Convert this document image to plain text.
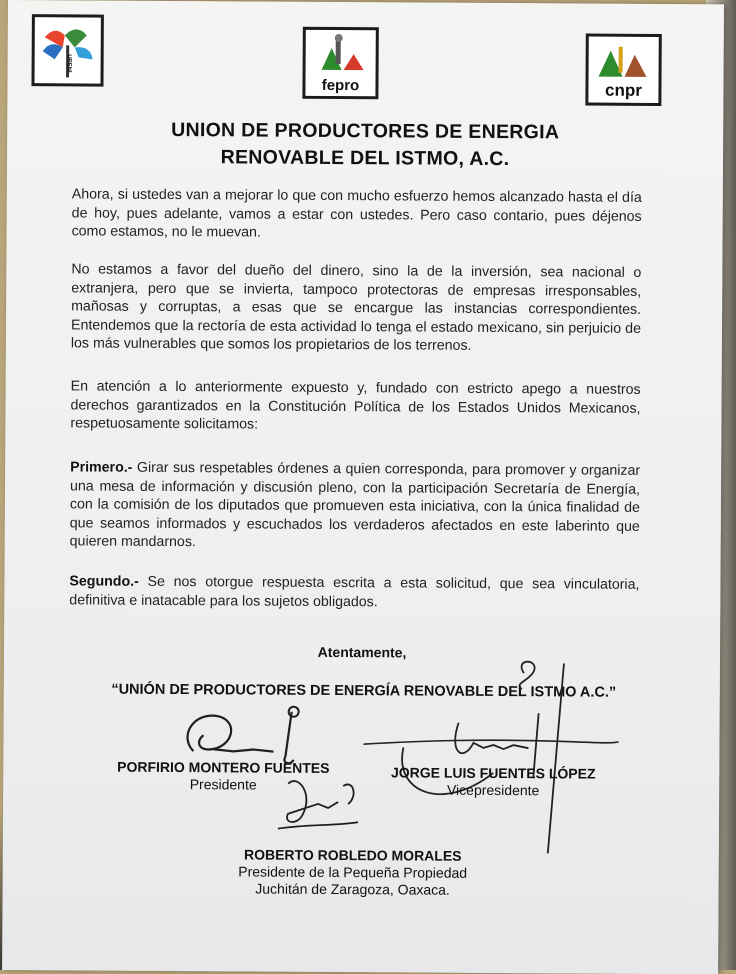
UPENI
fepro	cnpr
UNION DE PRODUCTORES DE ENERGIA
RENOVABLE DEL ISTMO, A.C.
Ahora, si ustedes van a mejorar lo que con mucho esfuerzo hemos alcanzado hasta el día de hoy, pues adelante, vamos a estar con ustedes. Pero caso contario, pues déjenos como estamos, no le muevan.
No estamos a favor del dueño del dinero, sino la de la inversión, sea nacional o extranjera, pero que se invierta, tampoco protectoras de empresas irresponsables, mañosas y corruptas, a esas que se encargue las instancias correspondientes. Entendemos que la rectoría de esta actividad lo tenga el estado mexicano, sin perjuicio de los más vulnerables que somos los propietarios de los terrenos.
En atención a lo anteriormente expuesto y, fundado con estricto apego a nuestros derechos garantizados en la Constitución Política de los Estados Unidos Mexicanos, respetuosamente solicitamos:
Primero.- Girar sus respetables órdenes a quien corresponda, para promover y organizar una mesa de información y discusión pleno, con la participación Secretaría de Energía, con la comisión de los diputados que promueven esta iniciativa, con la única finalidad de que seamos informados y escuchados los verdaderos afectados en este laberinto que quieren mandarnos.
Segundo.- Se nos otorgue respuesta escrita a esta solicitud, que sea vinculatoria, definitiva e inatacable para los sujetos obligados.
Atentamente,
“UNIÓN DE PRODUCTORES DE ENERGÍA RENOVABLE DEL ISTMO A.C.”
PORFIRIO MONTERO FUENTES
Presidente
JORGE LUIS FUENTES LÓPEZ
Vicepresidente
ROBERTO ROBLEDO MORALES
Presidente de la Pequeña Propiedad
Juchitán de Zaragoza, Oaxaca.
